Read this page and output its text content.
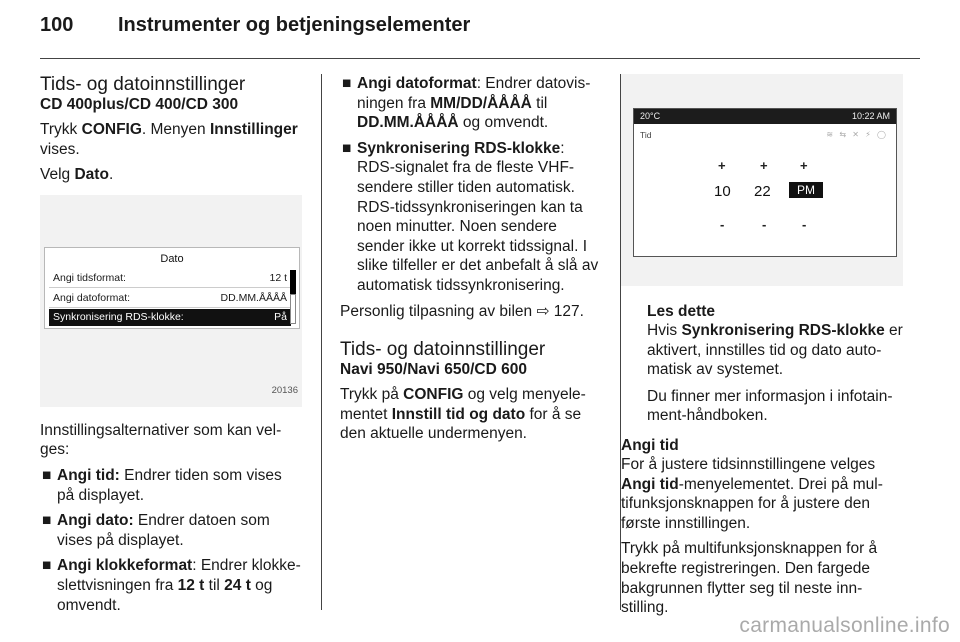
100 Instrumenter og betjeningselementer
Tids- og datoinnstillinger
CD 400plus/CD 400/CD 300

Trykk CONFIG. Menyen Innstillinger vises.

Velg Dato.

Dato
Angi tidsformat:	12 t
Angi datoformat:	DD.MM.ÅÅÅÅ
Synkronisering RDS-klokke:	På
20136

Innstillingsalternativer som kan velges:

■ Angi tid: Endrer tiden som vises på displayet.
■ Angi dato: Endrer datoen som vises på displayet.
■ Angi klokkeformat: Endrer klokkeslettvisningen fra 12 t til 24 t og omvendt.
■ Angi datoformat: Endrer datovisningen fra MM/DD/ÅÅÅÅ til DD.MM.ÅÅÅÅ og omvendt.
■ Synkronisering RDS-klokke: RDS-signalet fra de fleste VHF-sendere stiller tiden automatisk. RDS-tidssynkroniseringen kan ta noen minutter. Noen sendere sender ikke ut korrekt tidssignal. I slike tilfeller er det anbefalt å slå av automatisk tidssynkronisering.

Personlig tilpasning av bilen ⇨ 127.

Tids- og datoinnstillinger
Navi 950/Navi 650/CD 600

Trykk på CONFIG og velg menyelementet Innstill tid og dato for å se den aktuelle undermenyen.

20°C	10:22 AM
Tid	≋ ⇆ ✕ ⚡ ◯
+	+ +
10 22	PM
-	-	-
Les dette

Hvis Synkronisering RDS-klokke er aktivert, innstilles tid og dato automatisk av systemet.

Du finner mer informasjon i infotainment-håndboken.

Angi tid

For å justere tidsinnstillingene velges Angi tid-menyelementet. Drei på multifunksjonsknappen for å justere den første innstillingen.

Trykk på multifunksjonsknappen for å bekrefte registreringen. Den fargede bakgrunnen flytter seg til neste innstilling.

carmanualsonline.info
